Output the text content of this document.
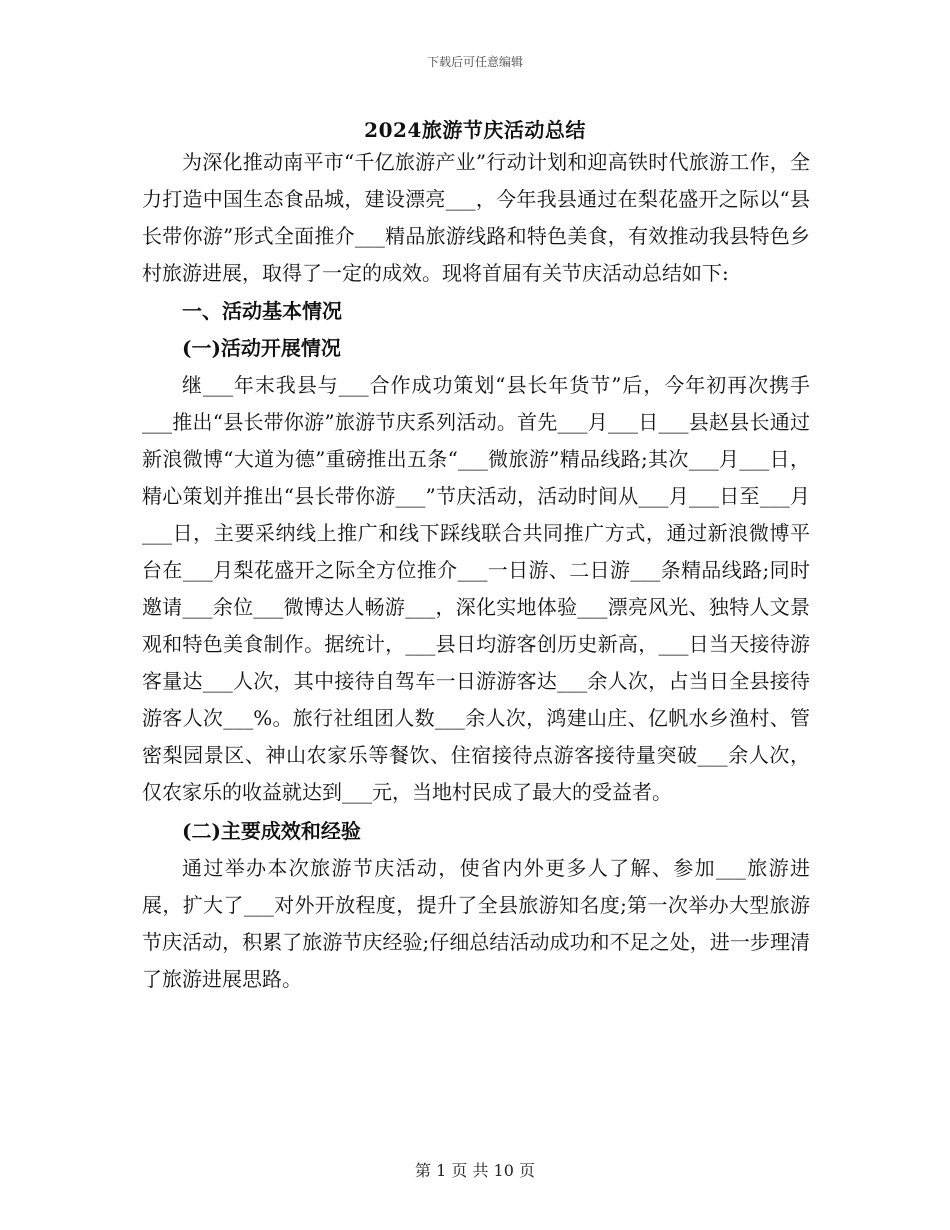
下载后可任意编辑
2024旅游节庆活动总结

为深化推动南平市“千亿旅游产业”行动计划和迎高铁时代旅游工作，全力打造中国生态食品城，建设漂亮___，今年我县通过在梨花盛开之际以“县长带你游”形式全面推介___精品旅游线路和特色美食，有效推动我县特色乡村旅游进展，取得了一定的成效。现将首届有关节庆活动总结如下:

一、活动基本情况

(一)活动开展情况

继___年末我县与___合作成功策划“县长年货节”后，今年初再次携手___推出“县长带你游”旅游节庆系列活动。首先___月___日___县赵县长通过新浪微博“大道为德”重磅推出五条“___微旅游”精品线路;其次___月___日，精心策划并推出“县长带你游___”节庆活动，活动时间从___月___日至___月___日，主要采纳线上推广和线下踩线联合共同推广方式，通过新浪微博平台在___月梨花盛开之际全方位推介___一日游、二日游___条精品线路;同时邀请___余位___微博达人畅游___，深化实地体验___漂亮风光、独特人文景观和特色美食制作。据统计，___县日均游客创历史新高，___日当天接待游客量达___人次，其中接待自驾车一日游游客达___余人次，占当日全县接待游客人次___%。旅行社组团人数___余人次，鸿建山庄、亿帆水乡渔村、管密梨园景区、神山农家乐等餐饮、住宿接待点游客接待量突破___余人次，仅农家乐的收益就达到___元，当地村民成了最大的受益者。

(二)主要成效和经验

通过举办本次旅游节庆活动，使省内外更多人了解、参加___旅游进展，扩大了___对外开放程度，提升了全县旅游知名度;第一次举办大型旅游节庆活动，积累了旅游节庆经验;仔细总结活动成功和不足之处，进一步理清了旅游进展思路。

第 1 页 共 10 页
